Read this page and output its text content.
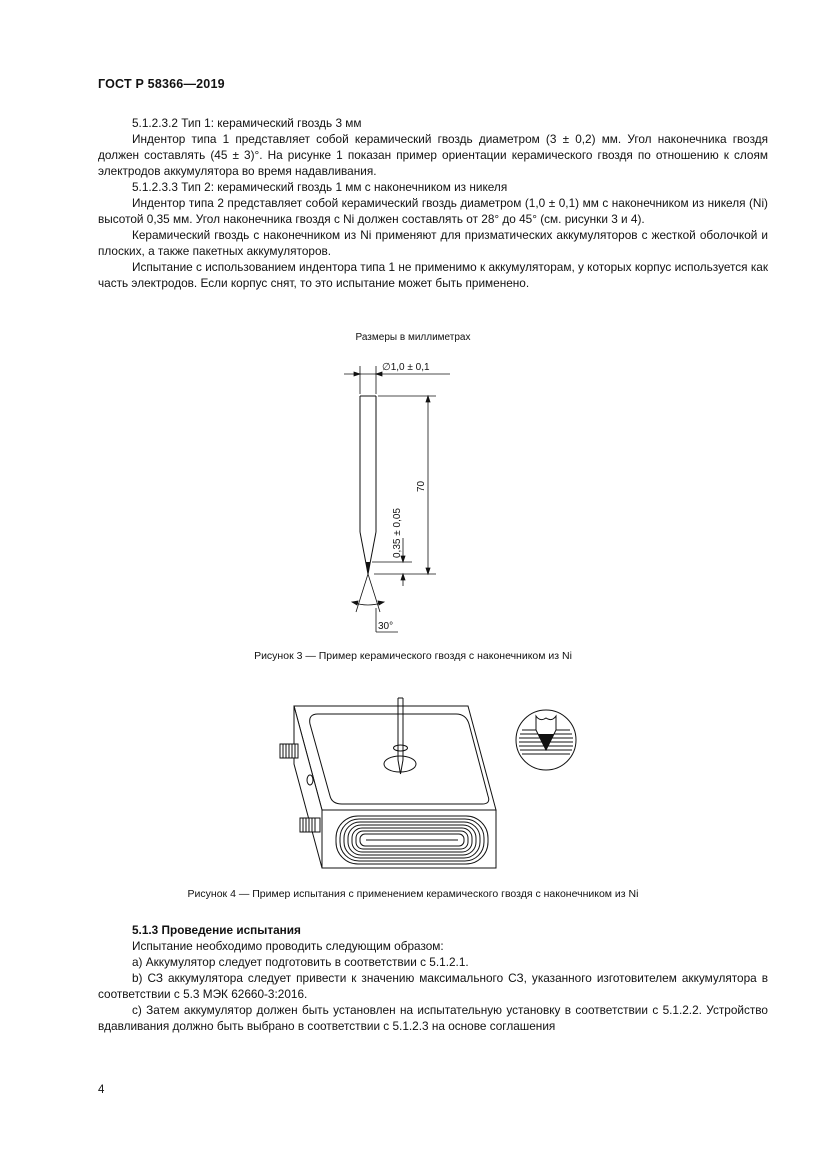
ГОСТ Р 58366—2019

5.1.2.3.2 Тип 1: керамический гвоздь 3 мм

Индентор типа 1 представляет собой керамический гвоздь диаметром (3 ± 0,2) мм. Угол наконечника гвоздя должен составлять (45 ± 3)°. На рисунке 1 показан пример ориентации керамического гвоздя по отношению к слоям электродов аккумулятора во время надавливания.

5.1.2.3.3 Тип 2: керамический гвоздь 1 мм с наконечником из никеля

Индентор типа 2 представляет собой керамический гвоздь диаметром (1,0 ± 0,1) мм с наконечником из никеля (Ni) высотой 0,35 мм. Угол наконечника гвоздя с Ni должен составлять от 28° до 45° (см. рисунки 3 и 4).

Керамический гвоздь с наконечником из Ni применяют для призматических аккумуляторов с жесткой оболочкой и плоских, а также пакетных аккумуляторов.

Испытание с использованием индентора типа 1 не применимо к аккумуляторам, у которых корпус используется как часть электродов. Если корпус снят, то это испытание может быть применено.

Размеры в миллиметрах
∅1,0 ± 0,1
70
0,35 ± 0,05
30°
Рисунок 3 — Пример керамического гвоздя с наконечником из Ni
Рисунок 4 — Пример испытания с применением керамического гвоздя с наконечником из Ni

5.1.3 Проведение испытания

Испытание необходимо проводить следующим образом:

а) Аккумулятор следует подготовить в соответствии с 5.1.2.1.

b) СЗ аккумулятора следует привести к значению максимального СЗ, указанного изготовителем аккумулятора в соответствии с 5.3 МЭК 62660-3:2016.

с) Затем аккумулятор должен быть установлен на испытательную установку в соответствии с 5.1.2.2. Устройство вдавливания должно быть выбрано в соответствии с 5.1.2.3 на основе соглашения

4
